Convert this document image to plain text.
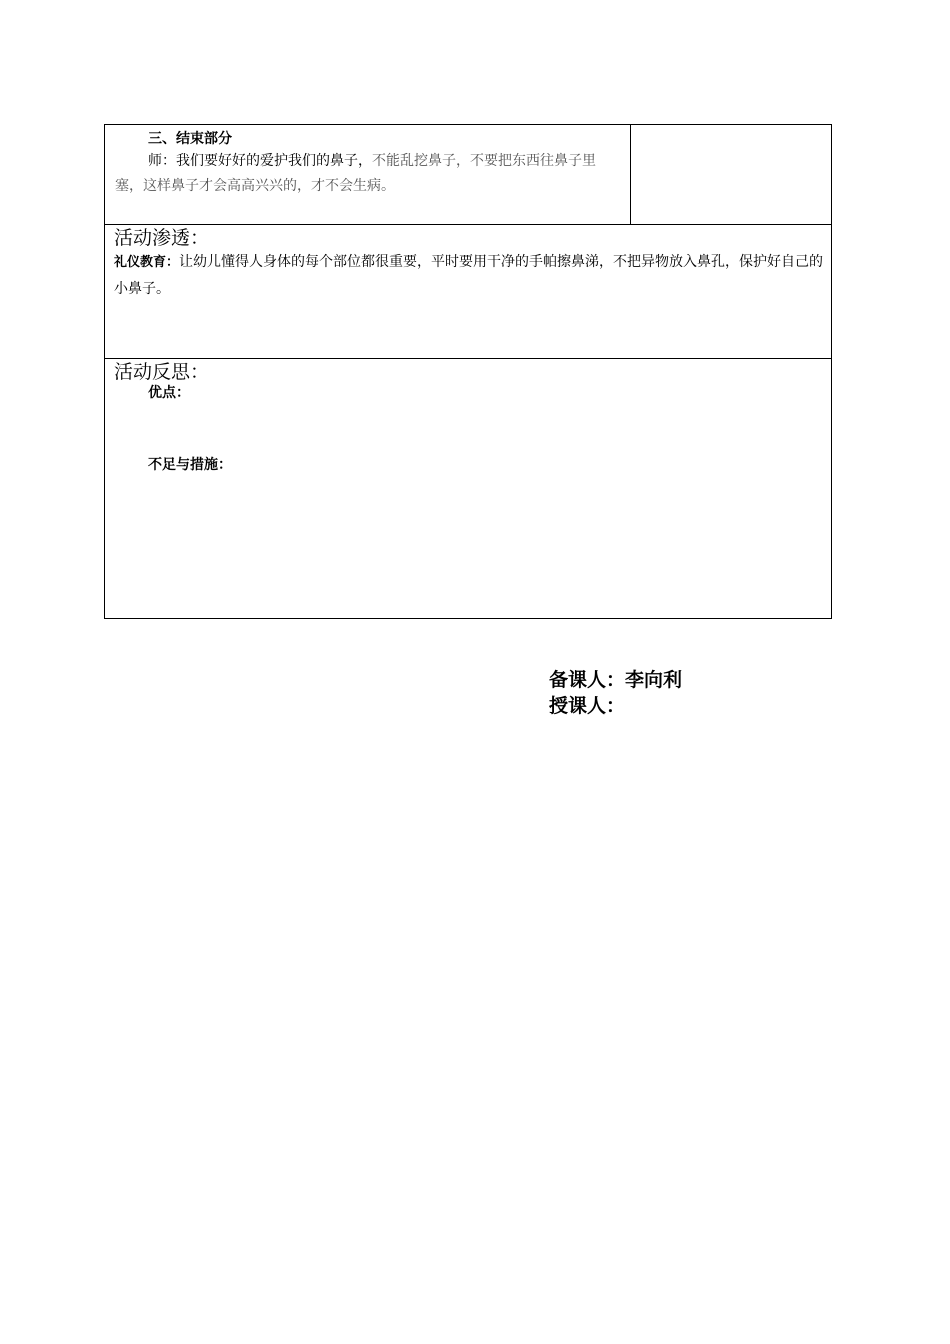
三、结束部分

师：我们要好好的爱护我们的鼻子，不能乱挖鼻子，不要把东西往鼻子里塞，这样鼻子才会高高兴兴的，才不会生病。

活动渗透：

礼仪教育：让幼儿懂得人身体的每个部位都很重要，平时要用干净的手帕擦鼻涕，不把异物放入鼻孔，保护好自己的小鼻子。

活动反思：

优点：

不足与措施：

备课人：李向利
授课人：
